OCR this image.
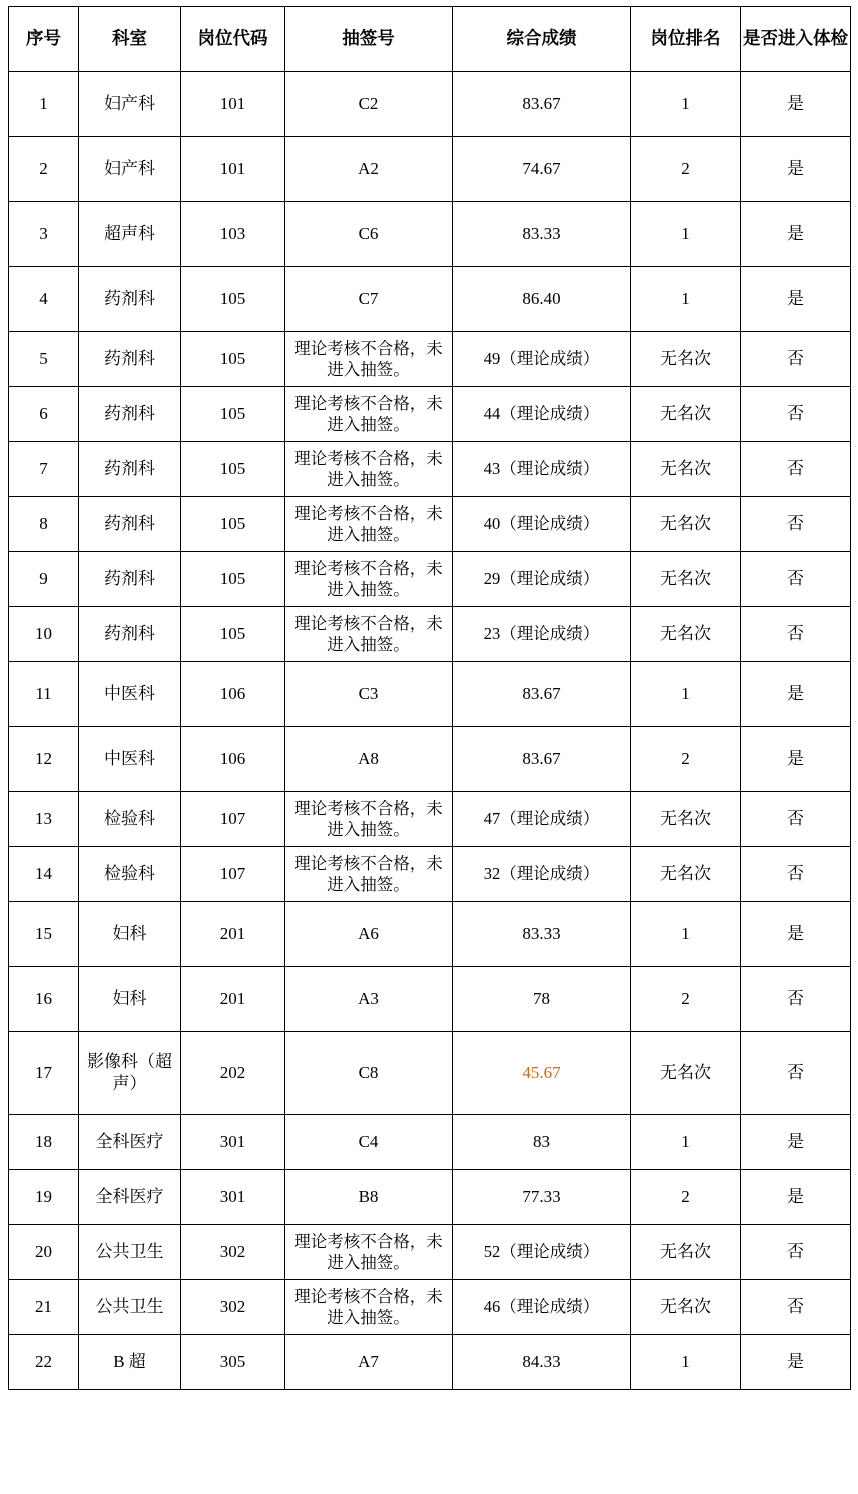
序号	科室	岗位代码	抽签号	综合成绩	岗位排名	是否进入体检
1	妇产科	101	C2	83.67	1	是
2	妇产科	101	A2	74.67	2	是
3	超声科	103	C6	83.33	1	是
4	药剂科	105	C7	86.40	1	是
5	药剂科	105	理论考核不合格，未进入抽签。	49（理论成绩）	无名次	否
6	药剂科	105	理论考核不合格，未进入抽签。	44（理论成绩）	无名次	否
7	药剂科	105	理论考核不合格，未进入抽签。	43（理论成绩）	无名次	否
8	药剂科	105	理论考核不合格，未进入抽签。	40（理论成绩）	无名次	否
9	药剂科	105	理论考核不合格，未进入抽签。	29（理论成绩）	无名次	否
10	药剂科	105	理论考核不合格，未进入抽签。	23（理论成绩）	无名次	否
11	中医科	106	C3	83.67	1	是
12	中医科	106	A8	83.67	2	是
13	检验科	107	理论考核不合格，未进入抽签。	47（理论成绩）	无名次	否
14	检验科	107	理论考核不合格，未进入抽签。	32（理论成绩）	无名次	否
15	妇科	201	A6	83.33	1	是
16	妇科	201	A3	78	2	否
17	影像科（超声）	202	C8	45.67	无名次	否
18	全科医疗	301	C4	83	1	是
19	全科医疗	301	B8	77.33	2	是
20	公共卫生	302	理论考核不合格，未进入抽签。	52（理论成绩）	无名次	否
21	公共卫生	302	理论考核不合格，未进入抽签。	46（理论成绩）	无名次	否
22	B 超	305	A7	84.33	1	是
